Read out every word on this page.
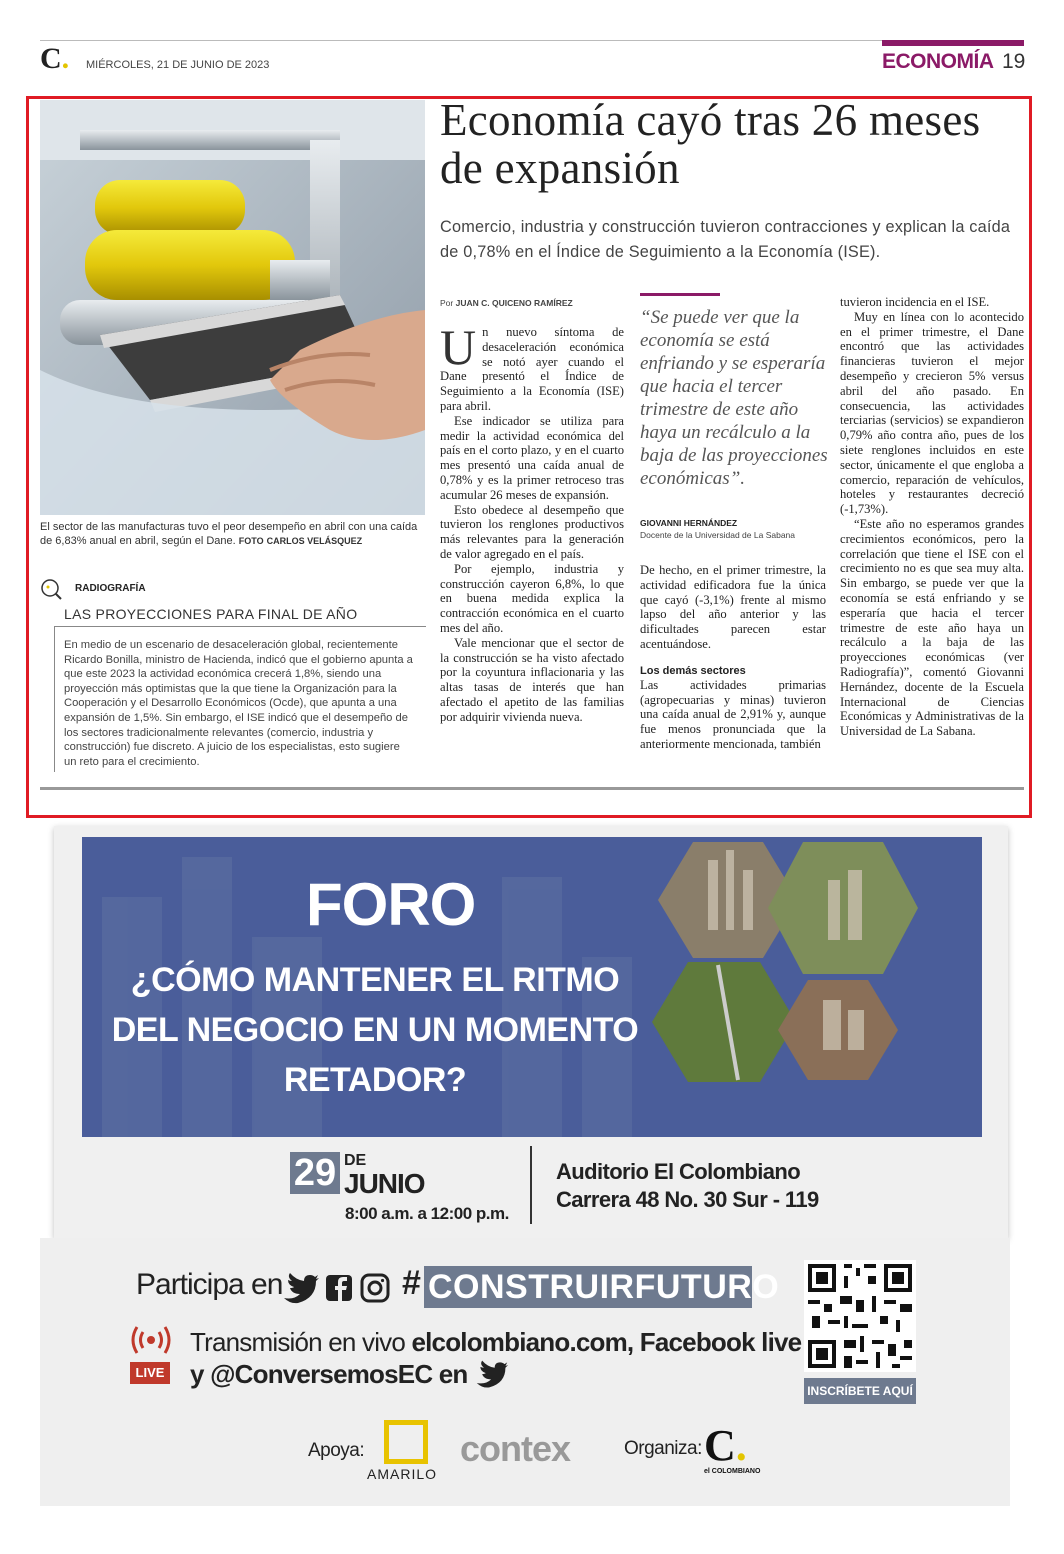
C. MIÉRCOLES, 21 DE JUNIO DE 2023	ECONOMÍA 19
El sector de las manufacturas tuvo el peor desempeño en abril con una caída de 6,83% anual en abril, según el Dane. FOTO CARLOS VELÁSQUEZ
RADIOGRAFÍA
LAS PROYECCIONES PARA FINAL DE AÑO
En medio de un escenario de desaceleración global, recientemente Ricardo Bonilla, ministro de Hacienda, indicó que el gobierno apunta a que este 2023 la actividad económica crecerá 1,8%, siendo una proyección más optimistas que la que tiene la Organización para la Cooperación y el Desarrollo Económicos (Ocde), que apunta a una expansión de 1,5%. Sin embargo, el ISE indicó que el desempeño de los sectores tradicionalmente relevantes (comercio, industria y construcción) fue discreto. A juicio de los especialistas, esto sugiere un reto para el crecimiento.
Economía cayó tras 26 meses de expansión
Comercio, industria y construcción tuvieron contracciones y explican la caída de 0,78% en el Índice de Seguimiento a la Economía (ISE).
Por JUAN C. QUICENO RAMÍREZ

Un nuevo síntoma de desaceleración económica se notó ayer cuando el Dane presentó el Índice de Seguimiento a la Economía (ISE) para abril.

Ese indicador se utiliza para medir la actividad económica del país en el corto plazo, y en el cuarto mes presentó una caída anual de 0,78% y es la primer retroceso tras acumular 26 meses de expansión.

Esto obedece al desempeño que tuvieron los renglones productivos más relevantes para la generación de valor agregado en el país.

Por ejemplo, industria y construcción cayeron 6,8%, lo que en buena medida explica la contracción económica en el cuarto mes del año.

Vale mencionar que el sector de la construcción se ha visto afectado por la coyuntura inflacionaria y las altas tasas de interés que han afectado el apetito de las familias por adquirir vivienda nueva.

“Se puede ver que la economía se está enfriando y se esperaría que hacia el tercer trimestre de este año haya un recálculo a la baja de las proyecciones económicas”.
GIOVANNI HERNÁNDEZ
Docente de la Universidad de La Sabana

De hecho, en el primer trimestre, la actividad edificadora fue la única que cayó (-3,1%) frente al mismo lapso del año anterior y las dificultades parecen estar acentuándose.

Los demás sectores

Las actividades primarias (agropecuarias y minas) tuvieron una caída anual de 2,91% y, aunque fue menos pronunciada que la anteriormente mencionada, también

tuvieron incidencia en el ISE.

Muy en línea con lo acontecido en el primer trimestre, el Dane encontró que las actividades financieras tuvieron el mejor desempeño y crecieron 5% versus abril del año pasado. En consecuencia, las actividades terciarias (servicios) se expandieron 0,79% año contra año, pues de los siete renglones incluidos en este sector, únicamente el que engloba a comercio, reparación de vehículos, hoteles y restaurantes decreció (-1,73%).

“Este año no esperamos grandes crecimientos económicos, pero la correlación que tiene el ISE con el crecimiento no es que sea muy alta. Sin embargo, se puede ver que la economía se está enfriando y se esperaría que hacia el tercer trimestre de este año haya un recálculo a la baja de las proyecciones económicas (ver Radiografía)”, comentó Giovanni Hernández, docente de la Escuela Internacional de Ciencias Económicas y Administrativas de la Universidad de La Sabana.

FORO
¿CÓMO MANTENER EL RITMO DEL NEGOCIO EN UN MOMENTO RETADOR?
29 DE
JUNIO
8:00 a.m. a 12:00 p.m.
Auditorio El Colombiano
Carrera 48 No. 30 Sur - 119
Participa en	# CONSTRUIRFUTURO
LIVE
Transmisión en vivo elcolombiano.com, Facebook live
y @ConversemosEC en
INSCRÍBETE AQUÍ
Apoya:
AMARILO
contex	Organiza: C.
el COLOMBIANO
